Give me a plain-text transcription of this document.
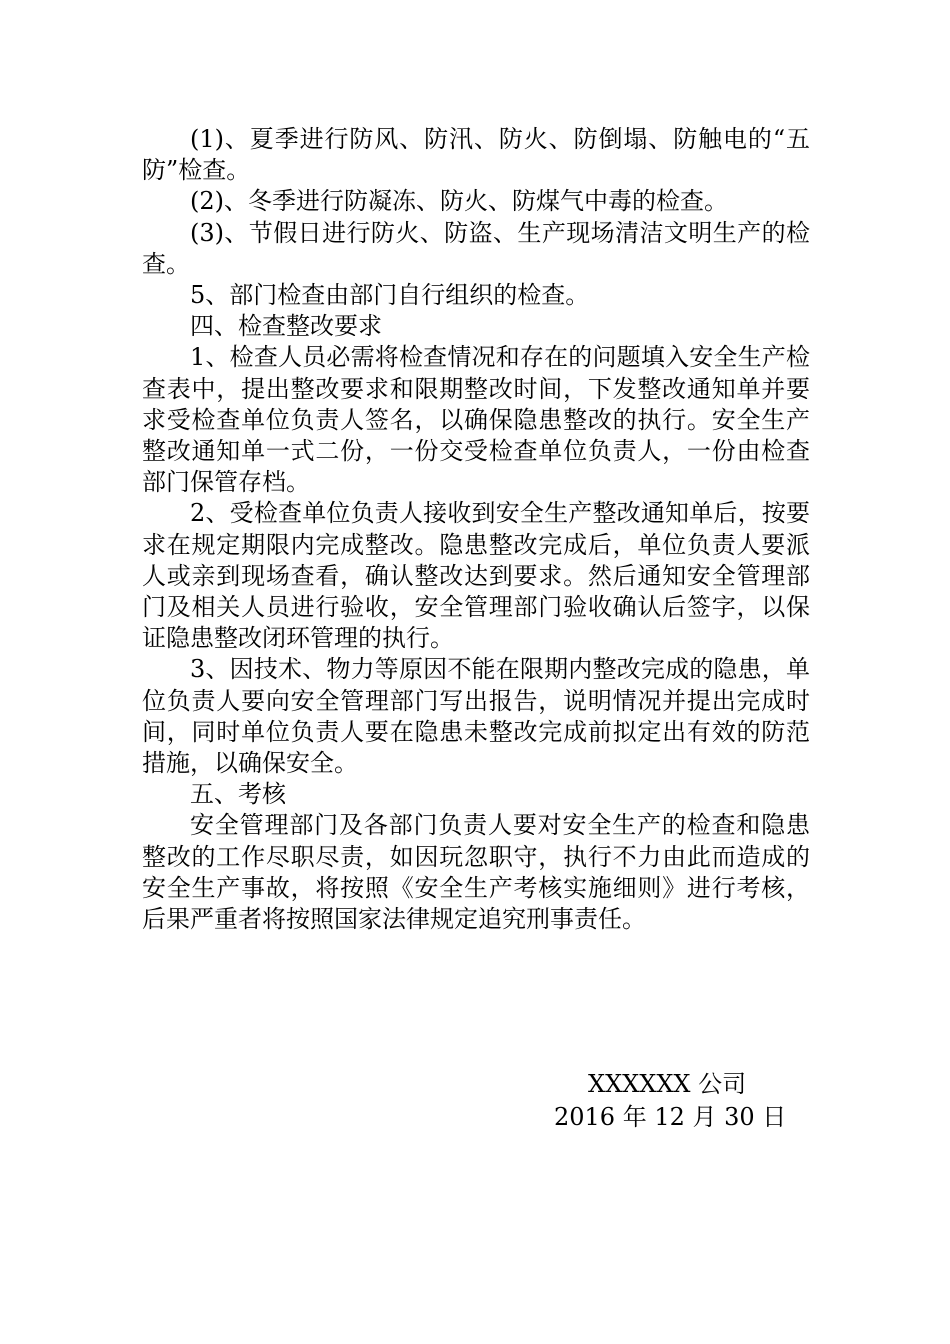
(1)、夏季进行防风、防汛、防火、防倒塌、防触电的“五防”检查。

(2)、冬季进行防凝冻、防火、防煤气中毒的检查。

(3)、节假日进行防火、防盗、生产现场清洁文明生产的检查。

5、部门检查由部门自行组织的检查。

四、检查整改要求

1、检查人员必需将检查情况和存在的问题填入安全生产检查表中，提出整改要求和限期整改时间，下发整改通知单并要求受检查单位负责人签名，以确保隐患整改的执行。安全生产整改通知单一式二份，一份交受检查单位负责人，一份由检查部门保管存档。

2、受检查单位负责人接收到安全生产整改通知单后，按要求在规定期限内完成整改。隐患整改完成后，单位负责人要派人或亲到现场查看，确认整改达到要求。然后通知安全管理部门及相关人员进行验收，安全管理部门验收确认后签字，以保证隐患整改闭环管理的执行。

3、因技术、物力等原因不能在限期内整改完成的隐患，单位负责人要向安全管理部门写出报告，说明情况并提出完成时间，同时单位负责人要在隐患未整改完成前拟定出有效的防范措施，以确保安全。

五、考核

安全管理部门及各部门负责人要对安全生产的检查和隐患整改的工作尽职尽责，如因玩忽职守，执行不力由此而造成的安全生产事故，将按照《安全生产考核实施细则》进行考核，后果严重者将按照国家法律规定追究刑事责任。

XXXXXX 公司
2016 年 12 月 30 日
